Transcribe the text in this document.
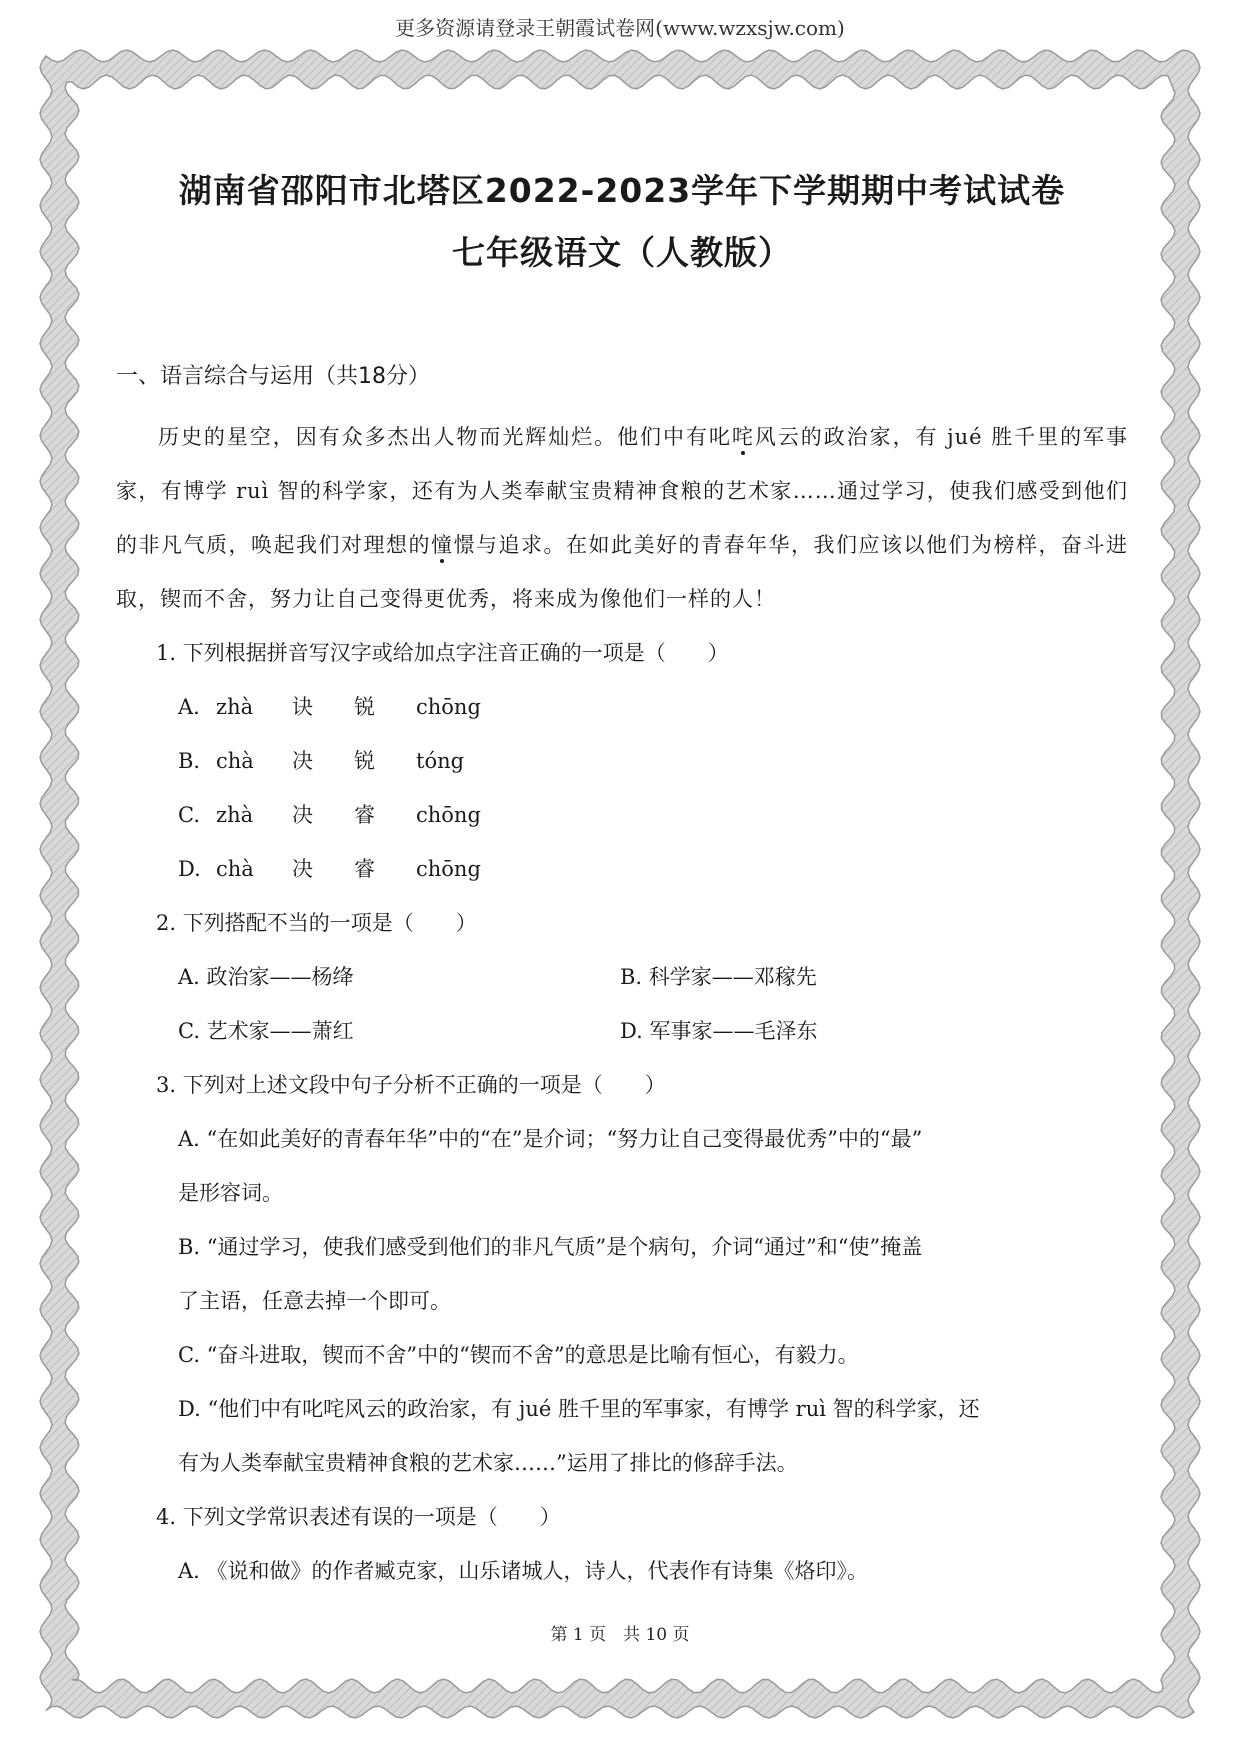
更多资源请登录王朝霞试卷网(www.wzxsjw.com)
湖南省邵阳市北塔区2022-2023学年下学期期中考试试卷
七年级语文（人教版）
一、语言综合与运用（共18分）
历史的星空，因有众多杰出人物而光辉灿烂。他们中有叱咤风云的政治家，有 jué 胜千里的军事家，有博学 ruì 智的科学家，还有为人类奉献宝贵精神食粮的艺术家……通过学习，使我们感受到他们的非凡气质，唤起我们对理想的憧憬与追求。在如此美好的青春年华，我们应该以他们为榜样，奋斗进取，锲而不舍，努力让自己变得更优秀，将来成为像他们一样的人！
1. 下列根据拼音写汉字或给加点字注音正确的一项是（　　）
A. zhà 诀 锐 chōng
B. chà 决 锐 tóng
C. zhà 决 睿 chōng
D. chà 决 睿 chōng
2. 下列搭配不当的一项是（　　）
A. 政治家——杨绛	B. 科学家——邓稼先
C. 艺术家——萧红	D. 军事家——毛泽东
3. 下列对上述文段中句子分析不正确的一项是（　　）
A. “在如此美好的青春年华”中的“在”是介词；“努力让自己变得最优秀”中的“最”
是形容词。
B. “通过学习，使我们感受到他们的非凡气质”是个病句，介词“通过”和“使”掩盖
了主语，任意去掉一个即可。
C. “奋斗进取，锲而不舍”中的“锲而不舍”的意思是比喻有恒心，有毅力。
D. “他们中有叱咤风云的政治家，有 jué 胜千里的军事家，有博学 ruì 智的科学家，还
有为人类奉献宝贵精神食粮的艺术家……”运用了排比的修辞手法。
4. 下列文学常识表述有误的一项是（　　）
A. 《说和做》的作者臧克家，山乐诸城人，诗人，代表作有诗集《烙印》。
第 1 页　共 10 页
